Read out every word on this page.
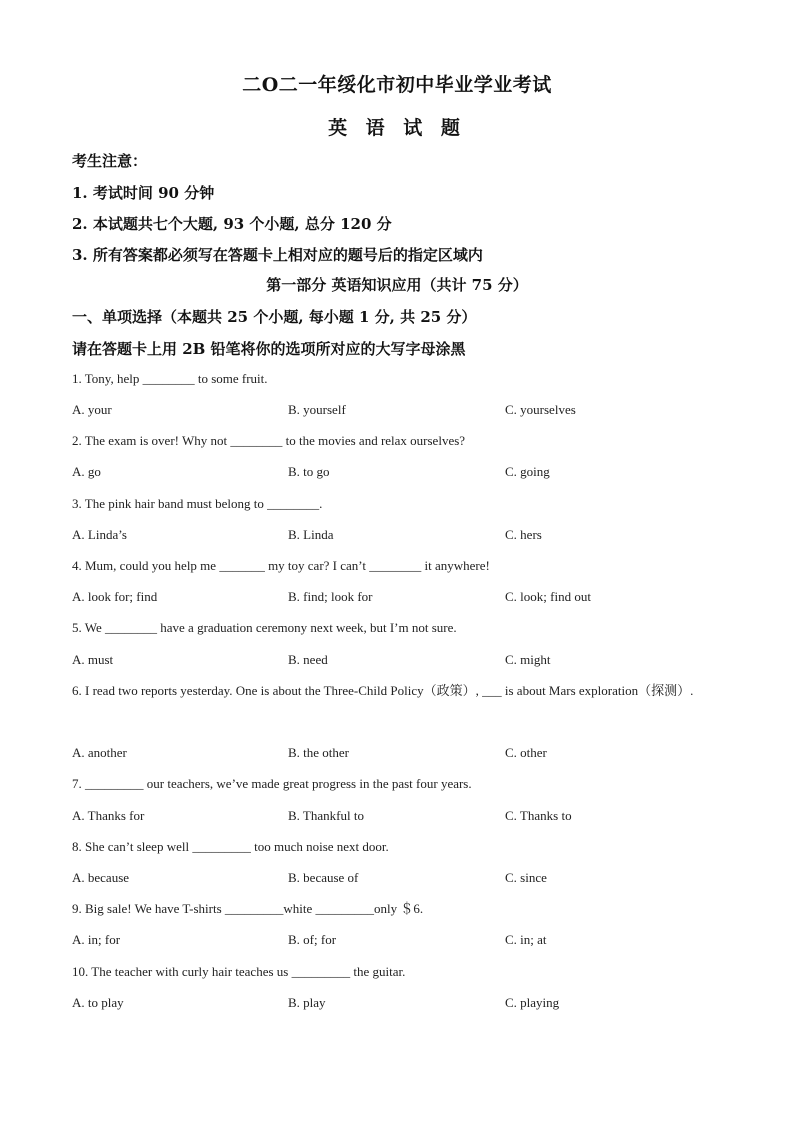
二O二一年绥化市初中毕业学业考试
英 语 试 题
考生注意：
1. 考试时间 90 分钟
2. 本试题共七个大题, 93 个小题, 总分 120 分
3. 所有答案都必须写在答题卡上相对应的题号后的指定区域内
第一部分 英语知识应用（共计 75 分）
一、单项选择（本题共 25 个小题, 每小题 1 分, 共 25 分）
请在答题卡上用 2B 铅笔将你的选项所对应的大写字母涂黑
1. Tony, help ________ to some fruit.
A. your	B. yourself	C. yourselves
2. The exam is over! Why not ________ to the movies and relax ourselves?
A. go	B. to go	C. going
3. The pink hair band must belong to ________.
A. Linda’s	B. Linda	C. hers
4. Mum, could you help me _______ my toy car? I can’t ________ it anywhere!
A. look for; find	B. find; look for	C. look; find out
5. We ________ have a graduation ceremony next week, but I’m not sure.
A. must	B. need	C. might
6. I read two reports yesterday. One is about the Three-Child Policy（政策）, ___ is about Mars exploration（探测）.
A. another	B. the other	C. other
7. _________ our teachers, we’ve made great progress in the past four years.
A. Thanks for	B. Thankful to	C. Thanks to
8. She can’t sleep well _________ too much noise next door.
A. because	B. because of	C. since
9. Big sale! We have T-shirts _________white _________only ＄6.
A. in; for	B. of; for	C. in; at
10. The teacher with curly hair teaches us _________ the guitar.
A. to play	B. play	C. playing
